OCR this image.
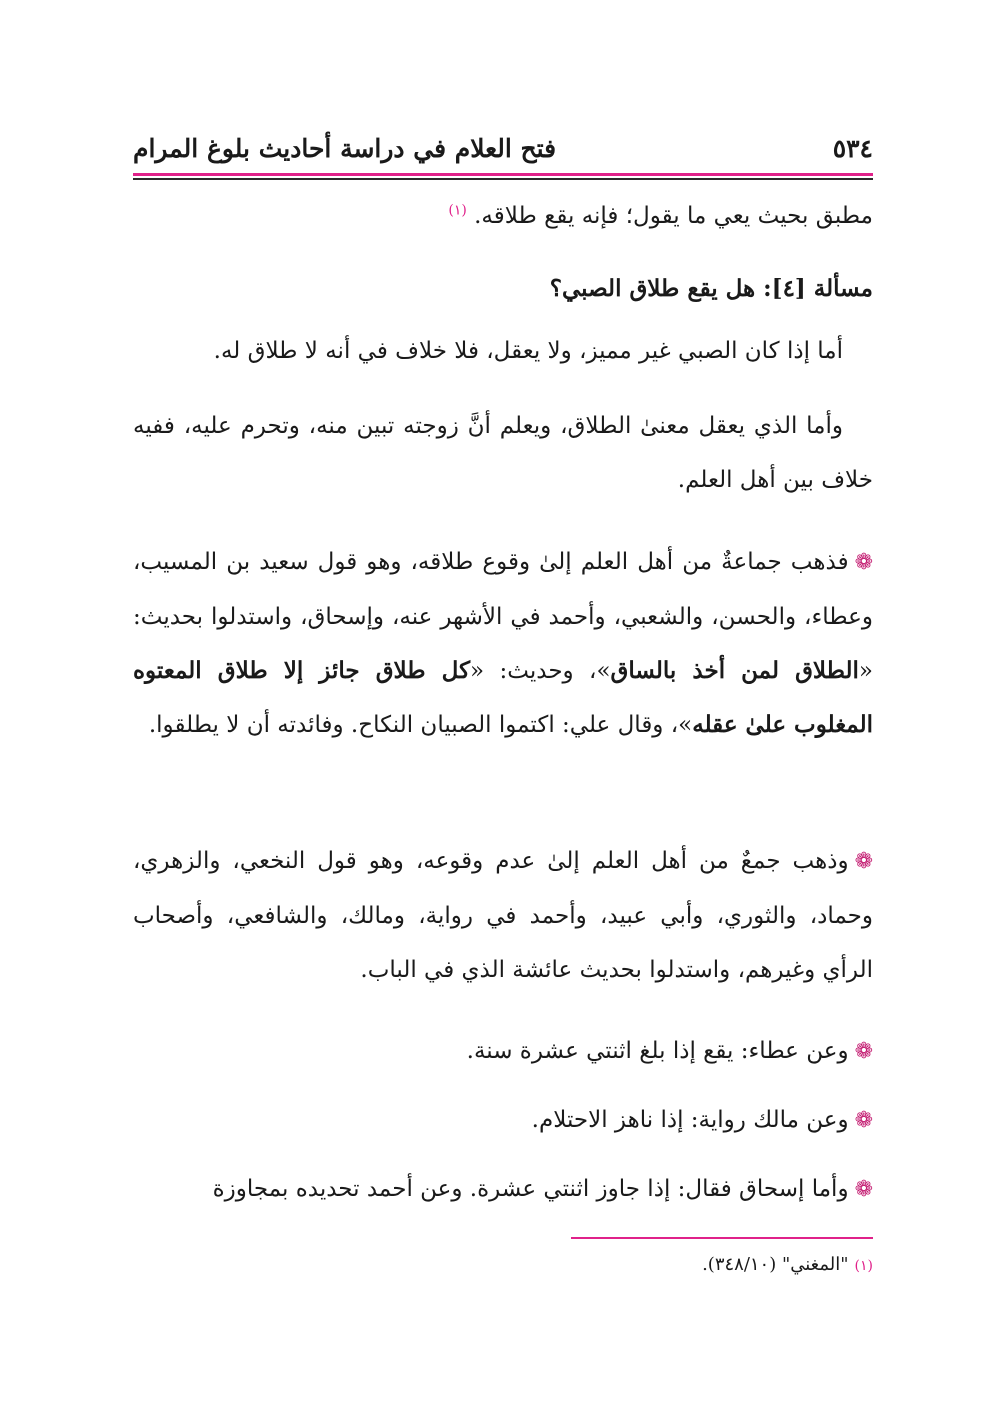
٥٣٤
فتح العلام في دراسة أحاديث بلوغ المرام
مطبق بحيث يعي ما يقول؛ فإنه يقع طلاقه. $^{(١)}$
مسألة [٤]: هل يقع طلاق الصبي؟
أما إذا كان الصبي غير مميز، ولا يعقل، فلا خلاف في أنه لا طلاق له.
وأما الذي يعقل معنىٰ الطلاق، ويعلم أنَّ زوجته تبين منه، وتحرم عليه، ففيه خلاف بين أهل العلم.
❁فذهب جماعةٌ من أهل العلم إلىٰ وقوع طلاقه، وهو قول سعيد بن المسيب، وعطاء، والحسن، والشعبي، وأحمد في الأشهر عنه، وإسحاق، واستدلوا بحديث: «الطلاق لمن أخذ بالساق»، وحديث: «كل طلاق جائز إلا طلاق المعتوه المغلوب علىٰ عقله»، وقال علي: اكتموا الصبيان النكاح. وفائدته أن لا يطلقوا.
❁وذهب جمعٌ من أهل العلم إلىٰ عدم وقوعه، وهو قول النخعي، والزهري، وحماد، والثوري، وأبي عبيد، وأحمد في رواية، ومالك، والشافعي، وأصحاب الرأي وغيرهم، واستدلوا بحديث عائشة الذي في الباب.
❁وعن عطاء: يقع إذا بلغ اثنتي عشرة سنة.
❁وعن مالك رواية: إذا ناهز الاحتلام.
❁وأما إسحاق فقال: إذا جاوز اثنتي عشرة. وعن أحمد تحديده بمجاوزة
(١)"المغني" (٣٤٨/١٠).
